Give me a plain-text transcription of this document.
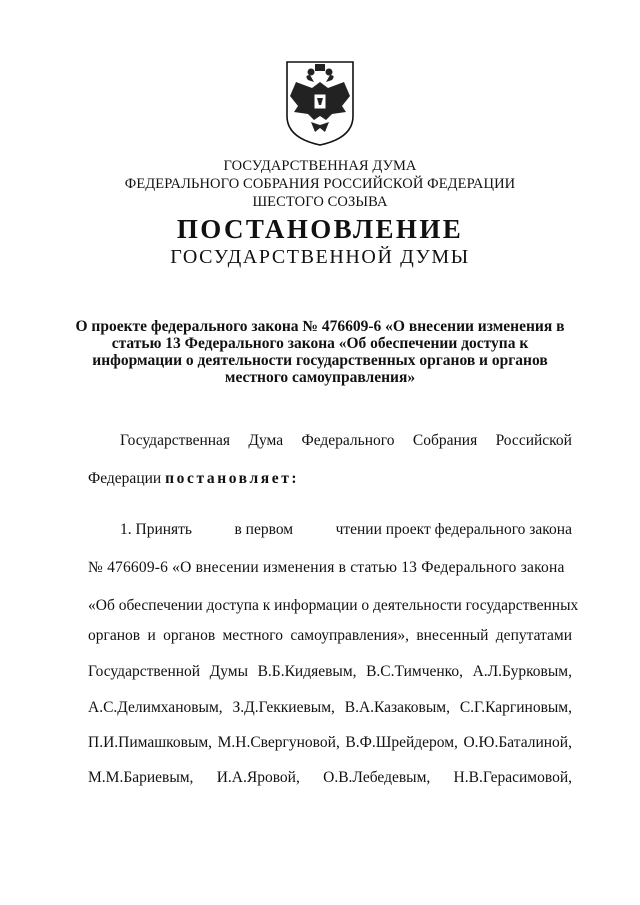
ГОСУДАРСТВЕННАЯ ДУМА
ФЕДЕРАЛЬНОГО СОБРАНИЯ РОССИЙСКОЙ ФЕДЕРАЦИИ
ШЕСТОГО СОЗЫВА
ПОСТАНОВЛЕНИЕ
ГОСУДАРСТВЕННОЙ ДУМЫ
О проекте федерального закона № 476609-6 «О внесении изменения в
статью 13 Федерального закона «Об обеспечении доступа к
информации о деятельности государственных органов и органов
местного самоуправления»
Государственная Дума Федерального Собрания Российской
Федерации постановляет:
1. Принять	в первом	чтении проект федерального закона
№ 476609-6 «О внесении изменения в статью 13 Федерального закона
«Об обеспечении доступа к информации о деятельности государственных
органов и органов местного самоуправления», внесенный депутатами
Государственной Думы В.Б.Кидяевым, В.С.Тимченко, А.Л.Бурковым,
А.С.Делимхановым, З.Д.Геккиевым, В.А.Казаковым, С.Г.Каргиновым,
П.И.Пимашковым, М.Н.Свергуновой, В.Ф.Шрейдером, О.Ю.Баталиной,
М.М.Бариевым, И.А.Яровой, О.В.Лебедевым, Н.В.Герасимовой,
